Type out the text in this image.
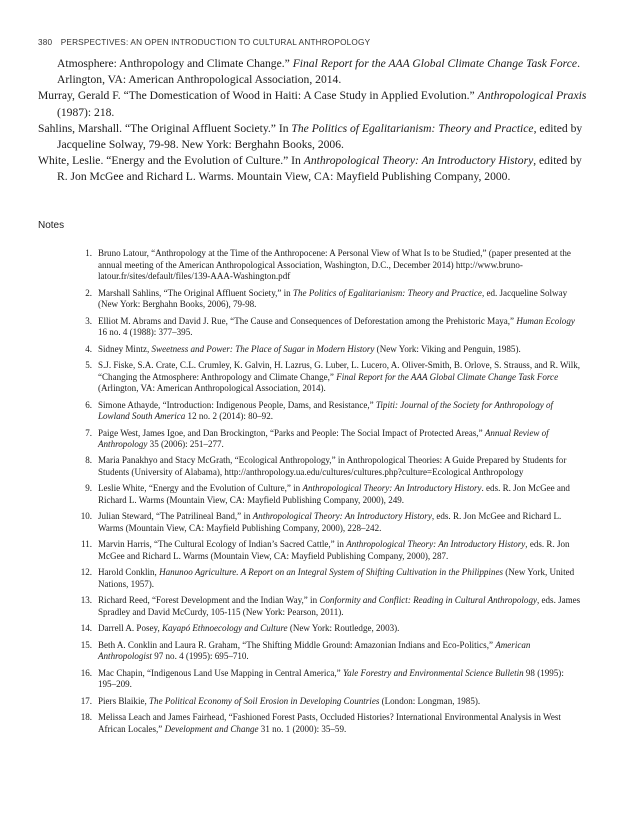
380 PERSPECTIVES: AN OPEN INTRODUCTION TO CULTURAL ANTHROPOLOGY

Atmosphere: Anthropology and Climate Change.” Final Report for the AAA Global Climate Change Task Force. Arlington, VA: American Anthropological Association, 2014.

Murray, Gerald F. “The Domestication of Wood in Haiti: A Case Study in Applied Evolution.” Anthropological Praxis (1987): 218.

Sahlins, Marshall. “The Original Affluent Society.” In The Politics of Egalitarianism: Theory and Practice, edited by Jacqueline Solway, 79-98. New York: Berghahn Books, 2006.

White, Leslie. “Energy and the Evolution of Culture.” In Anthropological Theory: An Introductory History, edited by R. Jon McGee and Richard L. Warms. Mountain View, CA: Mayfield Publishing Company, 2000.

Notes
1. Bruno Latour, “Anthropology at the Time of the Anthropocene: A Personal View of What Is to be Studied,” (paper presented at the annual meeting of the American Anthropological Association, Washington, D.C., December 2014) http://www.bruno-latour.fr/sites/default/files/139-AAA-Washington.pdf
2. Marshall Sahlins, “The Original Affluent Society,” in The Politics of Egalitarianism: Theory and Practice, ed. Jacqueline Solway (New York: Berghahn Books, 2006), 79-98.
3. Elliot M. Abrams and David J. Rue, “The Cause and Consequences of Deforestation among the Prehistoric Maya,” Human Ecology 16 no. 4 (1988): 377–395.
4. Sidney Mintz, Sweetness and Power: The Place of Sugar in Modern History (New York: Viking and Penguin, 1985).
5. S.J. Fiske, S.A. Crate, C.L. Crumley, K. Galvin, H. Lazrus, G. Luber, L. Lucero, A. Oliver-Smith, B. Orlove, S. Strauss, and R. Wilk, “Changing the Atmosphere: Anthropology and Climate Change,” Final Report for the AAA Global Climate Change Task Force (Arlington, VA: American Anthropological Association, 2014).
6. Simone Athayde, “Introduction: Indigenous People, Dams, and Resistance,” Tipiti: Journal of the Society for Anthropology of Lowland South America 12 no. 2 (2014): 80–92.
7. Paige West, James Igoe, and Dan Brockington, “Parks and People: The Social Impact of Protected Areas,” Annual Review of Anthropology 35 (2006): 251–277.
8. Maria Panakhyo and Stacy McGrath, “Ecological Anthropology,” in Anthropological Theories: A Guide Prepared by Students for Students (University of Alabama), http://anthropology.ua.edu/cultures/cultures.php?culture=Ecological Anthropology
9. Leslie White, “Energy and the Evolution of Culture,” in Anthropological Theory: An Introductory History. eds. R. Jon McGee and Richard L. Warms (Mountain View, CA: Mayfield Publishing Company, 2000), 249.
10. Julian Steward, “The Patrilineal Band,” in Anthropological Theory: An Introductory History, eds. R. Jon McGee and Richard L. Warms (Mountain View, CA: Mayfield Publishing Company, 2000), 228–242.
11. Marvin Harris, “The Cultural Ecology of Indian’s Sacred Cattle,” in Anthropological Theory: An Introductory History, eds. R. Jon McGee and Richard L. Warms (Mountain View, CA: Mayfield Publishing Company, 2000), 287.
12. Harold Conklin, Hanunoo Agriculture. A Report on an Integral System of Shifting Cultivation in the Philippines (New York, United Nations, 1957).
13. Richard Reed, “Forest Development and the Indian Way,” in Conformity and Conflict: Reading in Cultural Anthropology, eds. James Spradley and David McCurdy, 105-115 (New York: Pearson, 2011).
14. Darrell A. Posey, Kayapó Ethnoecology and Culture (New York: Routledge, 2003).
15. Beth A. Conklin and Laura R. Graham, “The Shifting Middle Ground: Amazonian Indians and Eco-Politics,” American Anthropologist 97 no. 4 (1995): 695–710.
16. Mac Chapin, “Indigenous Land Use Mapping in Central America,” Yale Forestry and Environmental Science Bulletin 98 (1995): 195–209.
17. Piers Blaikie, The Political Economy of Soil Erosion in Developing Countries (London: Longman, 1985).
18. Melissa Leach and James Fairhead, “Fashioned Forest Pasts, Occluded Histories? International Environmental Analysis in West African Locales,” Development and Change 31 no. 1 (2000): 35–59.
